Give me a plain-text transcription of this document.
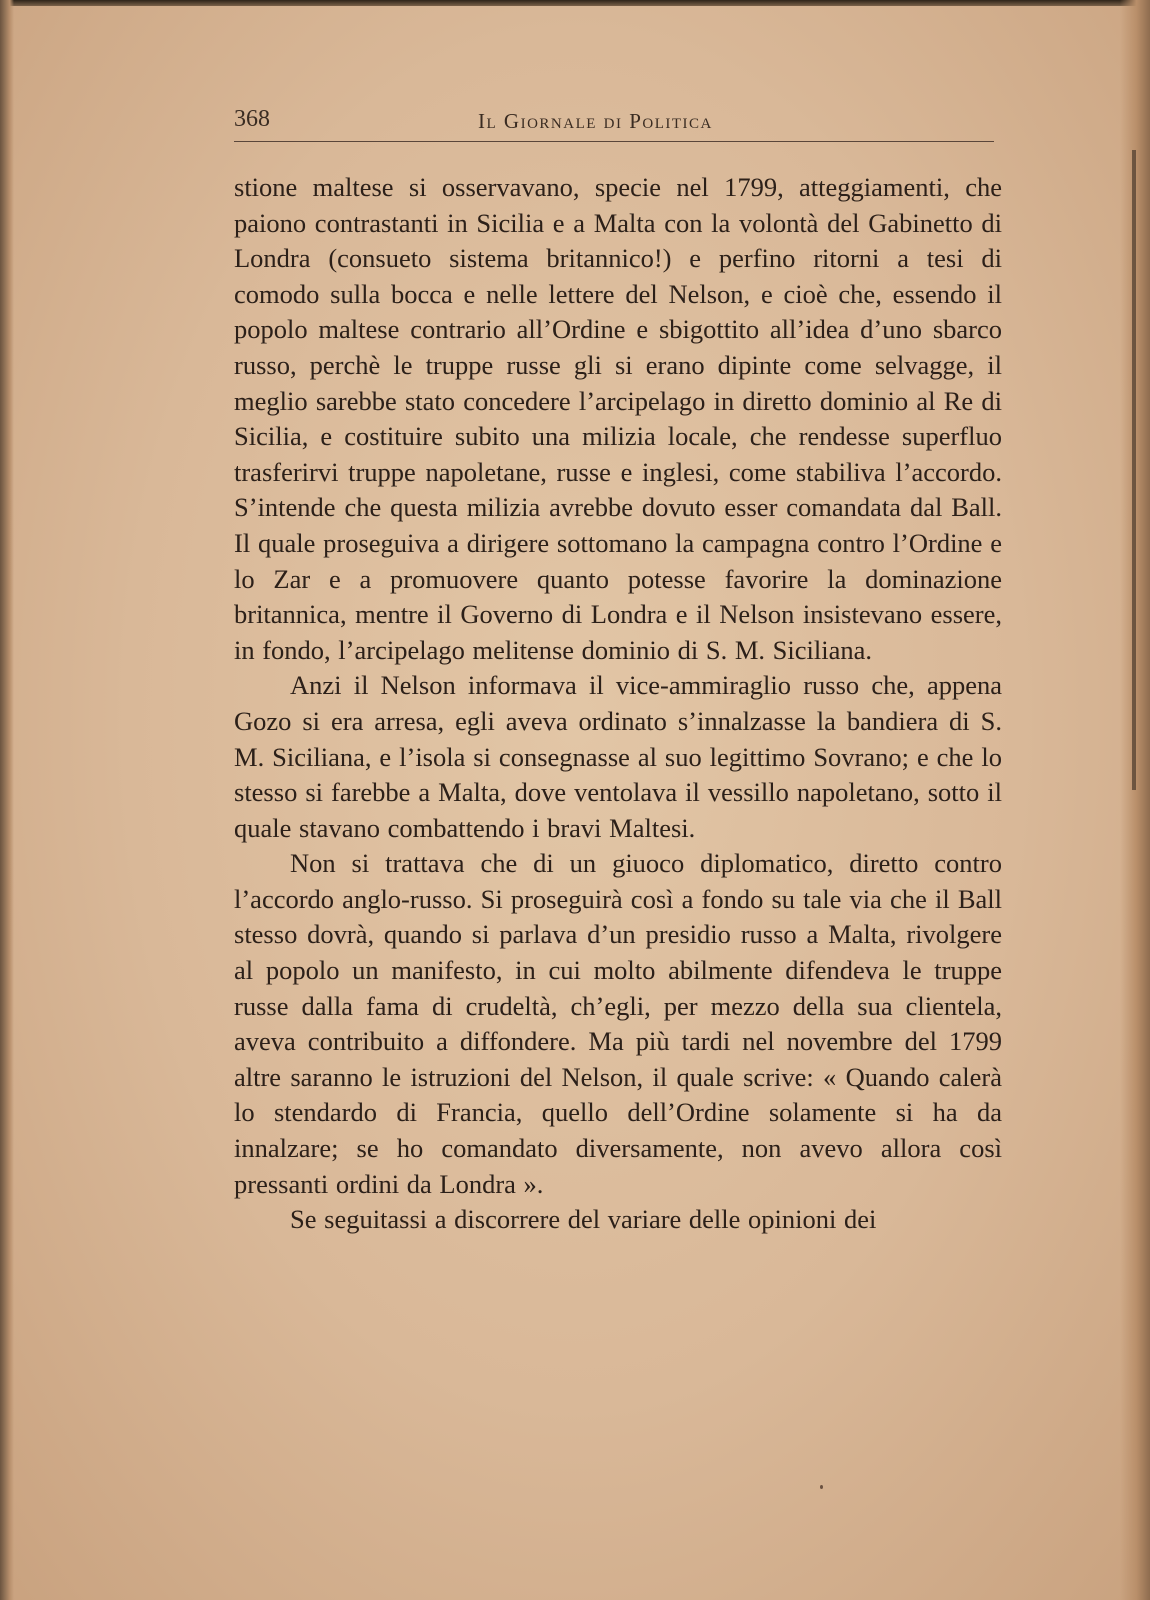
368	Il Giornale di Politica

stione maltese si osservavano, specie nel 1799, atteggiamenti, che paiono contrastanti in Sicilia e a Malta con la volontà del Gabinetto di Londra (consueto sistema britannico!) e perfino ritorni a tesi di comodo sulla bocca e nelle lettere del Nelson, e cioè che, essendo il popolo maltese contrario all’Ordine e sbigottito all’idea d’uno sbarco russo, perchè le truppe russe gli si erano dipinte come selvagge, il meglio sarebbe stato concedere l’arcipelago in diretto dominio al Re di Sicilia, e costituire subito una milizia locale, che rendesse superfluo trasferirvi truppe napoletane, russe e inglesi, come stabiliva l’accordo. S’intende che questa milizia avrebbe dovuto esser comandata dal Ball. Il quale proseguiva a dirigere sottomano la campagna contro l’Ordine e lo Zar e a promuovere quanto potesse favorire la dominazione britannica, mentre il Governo di Londra e il Nelson insistevano essere, in fondo, l’arcipelago melitense dominio di S. M. Siciliana.

Anzi il Nelson informava il vice-ammiraglio russo che, appena Gozo si era arresa, egli aveva ordinato s’innalzasse la bandiera di S. M. Siciliana, e l’isola si consegnasse al suo legittimo Sovrano; e che lo stesso si farebbe a Malta, dove ventolava il vessillo napoletano, sotto il quale stavano combattendo i bravi Maltesi.

Non si trattava che di un giuoco diplomatico, diretto contro l’accordo anglo-russo. Si proseguirà così a fondo su tale via che il Ball stesso dovrà, quando si parlava d’un presidio russo a Malta, rivolgere al popolo un manifesto, in cui molto abilmente difendeva le truppe russe dalla fama di crudeltà, ch’egli, per mezzo della sua clientela, aveva contribuito a diffondere. Ma più tardi nel novembre del 1799 altre saranno le istruzioni del Nelson, il quale scrive: « Quando calerà lo stendardo di Francia, quello dell’Ordine solamente si ha da innalzare; se ho comandato diversamente, non avevo allora così pressanti ordini da Londra ».

Se seguitassi a discorrere del variare delle opinioni dei
